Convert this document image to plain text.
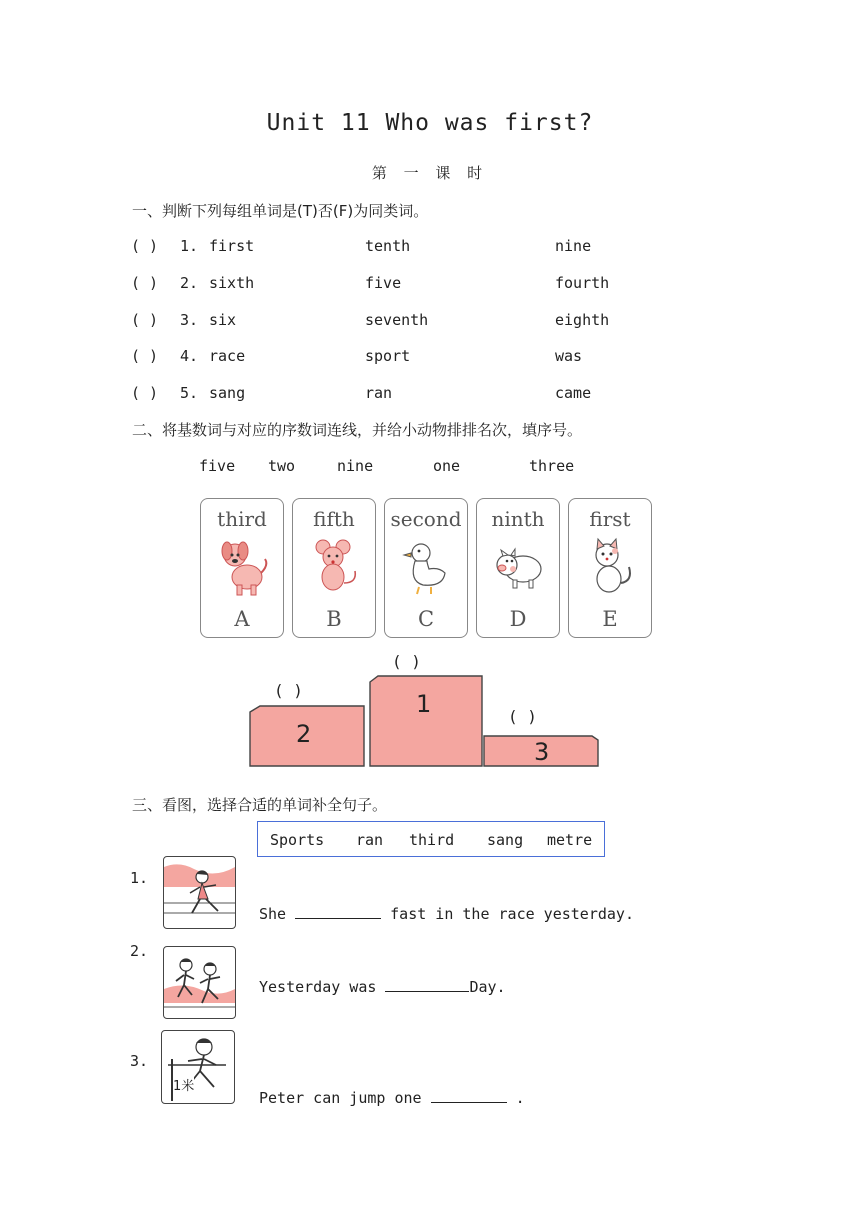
Unit 11 Who was first?
第 一 课 时
一、判断下列每组单词是(T)否(F)为同类词。
( ) 1. first	tenth	nine
( ) 2. sixth	five	fourth
( ) 3. six	seventh	eighth
( ) 4. race	sport	was
( ) 5. sang	ran	came
二、将基数词与对应的序数词连线，并给小动物排排名次，填序号。
five two	nine	one	three
third
A
fifth
B
second
C
ninth
D
first
E
1
2
3
( )
( )
( )
三、看图，选择合适的单词补全句子。
Sports ran third sang metre
1.
She	fast in the race yesterday.
2.
Yesterday was	Day.
3.
1米
Peter can jump one	.
